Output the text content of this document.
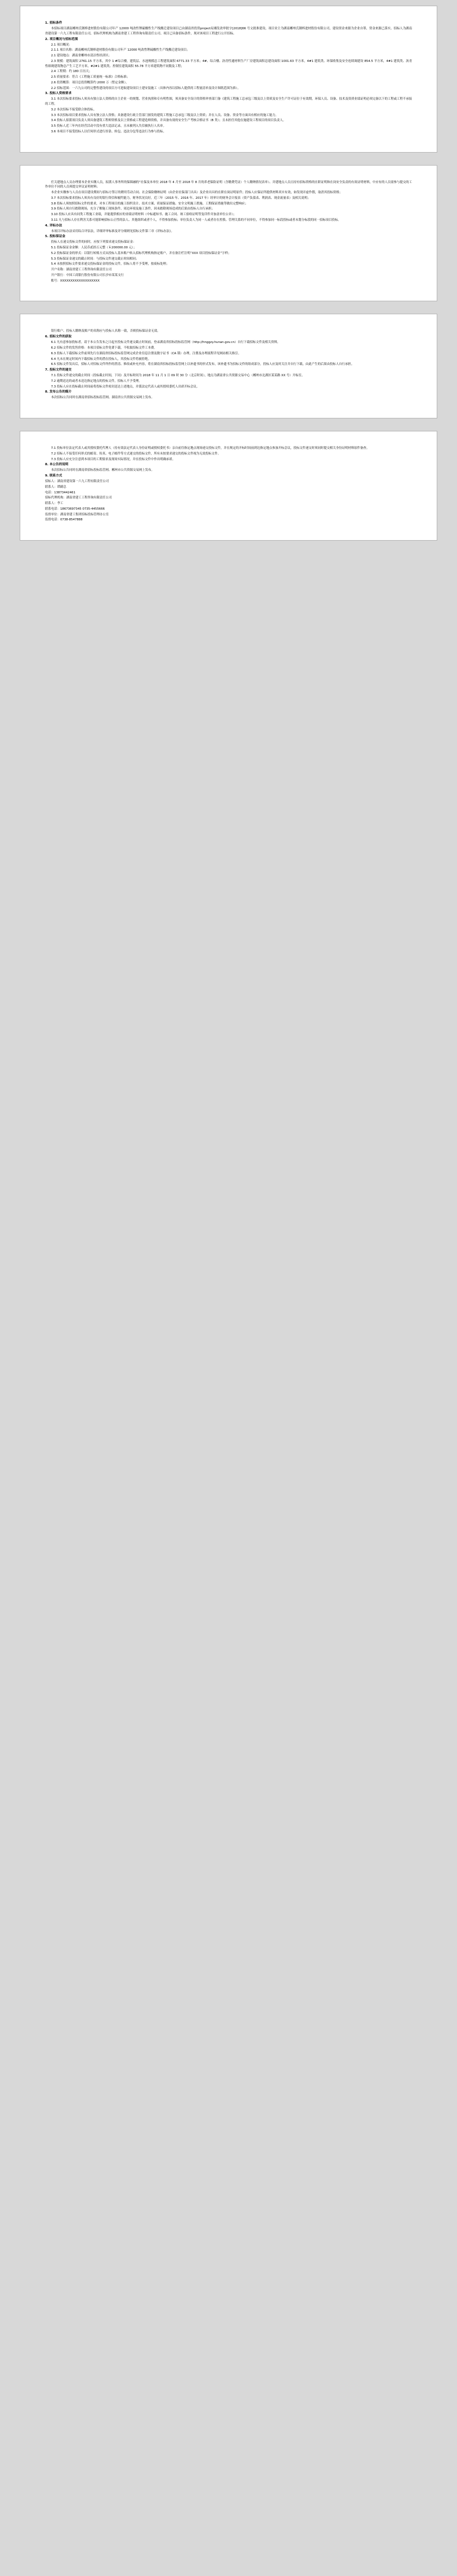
1. 招标条件

本招标项目湖南郴州氏钢棒进材股份有限公司年产 12000 吨改性锂硫酸性生产线搬迁建设项目已由湖南省投资project局湘发改审批字[2018]66 号文批准建设，项目业主为湖南郴州氏钢棒进材股份有限公司，建设资金来源为企业自筹，资金来源已落实。招标人为湖南省建设第一六九工程有限责任公司，招标代理机构为湖南省建工工程咨询有限责任公司。项目已具备招标条件，现对该项目工程进行公开招标。

2. 项目概况与招标范围

2.1 项目概况：

2.1.1 项目名称：湖南郴州氏钢棒进材股份有限公司年产 12000 吨改性锂硫酸性生产线搬迁建设项目；

2.1 建设地点：湖南省郴州市清洁性经济区；

2.3 规模：建筑面积 2761.15 平方米，其中 1 #综合楼，建筑层、水池规模总工程建筑面积 6771.33 平方米；4#、综合楼、沥青性通材料生产厂房建筑面积总建设面积 1001.63 平方米，4#1 建筑类、环保收集及安全连续调建设 854.5 平方米，4#1 建筑类、沥青性细观建筑物总产生工艺平方米，#2#1 建筑类、控制室建筑面积 55.78 平方米建筑物不同数及工程；

2.4 工程期：约 180 日历天；

2.5 质量要求：符合《工程施工质量统一标准》合格标准；

2.6 投资概算：项目总投资概算约 2000 万（暂定金额）。

2.2 招标范围：一六九公司的完整性建设的项目方可进取建设项目土建安装施工（具体内容以招标人提供的工程量清单及设计图纸范围为准）。

3. 投标人资格要求

3.1 本次招标要求投标人须具有独立法人资格的自主企业一的规划、营业执照和专有明性图，须具备安全设计的资格审查部门备《建筑工程施工总承包三级及以上资质及安全生产许可证位于有效期，环保人员、设备、技术及资质业绩证明必须完备以下的工程或工程不承接的工程。

3.2 本次招标不接受联合体投标。

3.3 本次招标项目要求投标人具有独立法人资格；具备建设行政主管部门颁发的建筑工程施工总承包三级及以上资质；并在人员、设备、资金等方面具有相应的施工能力。

3.4 投标人拟派项目负责人须具备建筑工程师资格及以上资格或工程建造师资格，并具备有效的安全生产考核合格证书（B 类）；且未担任其他在施建设工程项目的项目负责人。

3.5 投标人近三年内在经营活动中没有重大违法记录，且未被列入失信被执行人名单。

3.6 本项目不接受投标人以任何形式进行挂靠、转包、违法分包等违法行为参与投标。

任关建地点人员办理要本企业实缴人员，拟派人事务所的保障融的“社保及本单位 2018 年 4 月至 2018 年 8 月的养老保险证明（含缴费凭证）个人缴纳情况表单）、并建地点人员且持有招标资格的在职证明和在岗安全负责的有效证明材料，中应有的人员需参与提交的工作单位不同的人员须提交审议证明材料；

本企业实缴参与人员在项目建设期间与招标方签订的聘用劳动合同、社会保险缴纳证明（由企业社保部门出具）及企业出具的在职在岗证明原件；投标人应保证所提供材料真实有效，如发现弄虚作假，取消其投标资格；

3.7 本次招标要求投标人须具有良好的银行资信和履约能力，财务状况良好，近三年（2015 年、2016 年、2017 年）经审计的财务会计报表（资产负债表、利润表、现金流量表）及相关说明；

3.8 投标人须按照招标文件的要求，对本工程项目的施工组织设计、技术方案、质量保证措施、安全文明施工措施、工期保证措施等做出完整响应；

3.9 投标人须自行踏勘现场，充分了解施工现场条件、周边环境及施工条件，因未踏勘现场造成的后果由投标人自行承担；

3.10 投标人应具有同类工程施工业绩，并能提供相应的业绩证明材料（中标通知书、施工合同、竣工验收证明等复印件并加盖单位公章）；

3.11 凡与招标人存在利害关系可能影响招标公正性的法人、其他组织或者个人，不得参加投标；单位负责人为同一人或者存在控股、管理关系的不同单位，不得参加同一标段投标或者未划分标段的同一招标项目投标。

4. 评标办法

本项目评标办法采用综合评估法，详细评审标准及评分细则见招标文件第三章《评标办法》。

5. 投标保证金

投标人在递交投标文件的同时，应按下列要求递交投标保证金：

5.1 投标保证金金额：人民币贰拾万元整（￥200000.00 元）；

5.2 投标保证金的形式：以银行转账方式从投标人基本账户转入招标代理机构指定账户，并在备注栏注明“XXX 项目投标保证金”字样；

5.3 投标保证金递交的截止时间：与投标文件递交截止时间相同；

5.4 未按照招标文件要求递交投标保证金的投标文件，招标人将不予受理，按废标处理；

开户名称：湖南省建工工程咨询有限责任公司

开户银行：中国工商银行股份有限公司长沙市某某支行

账号：XXXXXXXXXXXXXXXXXXX

银行账户、投标人缴纳及账户的名称应与投标人名称一致，否则投标保证金无效。

6. 招标文件的获取

6.1 凡有意参加投标者，请于本公告发布之日起至投标文件递交截止时间前，登录湖南省招标投标监管网（http://hnggzy.hunan.gov.cn）自行下载招标文件及相关资料。

6.2 招标文件的发售价格：本项目招标文件免费下载，不收取招标文件工本费。

6.3 投标人下载招标文件前须先行在湖南省招标投标监管网完成企业信息注册及数字证书（CA 锁）办理，注册及办理流程详见网站相关指引。

6.4 凡未在规定时间内下载招标文件的潜在投标人，其投标文件将被拒绝。

6.5 招标文件发出后，招标人对招标文件所作的澄清、修改或补充内容，将在湖南省招标投标监管网上以补遗书的形式发布，该补遗书为招标文件的组成部分，投标人应及时关注并自行下载，由此产生的后果由投标人自行承担。

7. 投标文件的递交

7.1 投标文件递交的截止时间（投标截止时间，下同）及开标时间为 2018 年 11 月 1 日 09 时 30 分（北京时间），地点为湖南省公共资源交易中心（郴州市北湖区某某路 XX 号）开标室。

7.2 逾期送达的或者未送达指定地点的投标文件，招标人不予受理。

7.3 投标人应在投标截止时间前将投标文件密封送达上述地点，并派法定代表人或其授权委托人出席开标会议。

8. 发布公告的媒介

本次招标公告同时在湖南省招标投标监管网、湖南省公共资源交易网上发布。

7.1 投标单位法定代表人或其授权委托代理人（持有效法定代表人身份证明或授权委托书）亲自前往指定地点现场递交投标文件，并在规定的开标时间前到达指定地点参加开标会议，投标文件递交时须同时提交相关身份证明材料原件备查。

7.2 招标人不接受任何形式的邮寄、传真、电子邮件等方式递交的投标文件，所有未按要求递交的投标文件视为无效投标文件。

7.3 投标人应充分注意到本项目的工期要求及现场实际情况，并在投标文件中作出明确承诺。

8. 本公告的说明

本次招标公告同时在湖南省招标投标监管网、郴州市公共资源交易网上发布。

9. 联系方式

招标人：湖南省建设第一六九工程有限责任公司

联系人：谭副总

电话：13873442461

招标代理机构：湖南省建工工程咨询有限责任公司

联系人：李工

联系电话：18673697345 0735-4455666

监督单位：湖南省建工集团招标投标管理办公室

监督电话：0738-8547888
